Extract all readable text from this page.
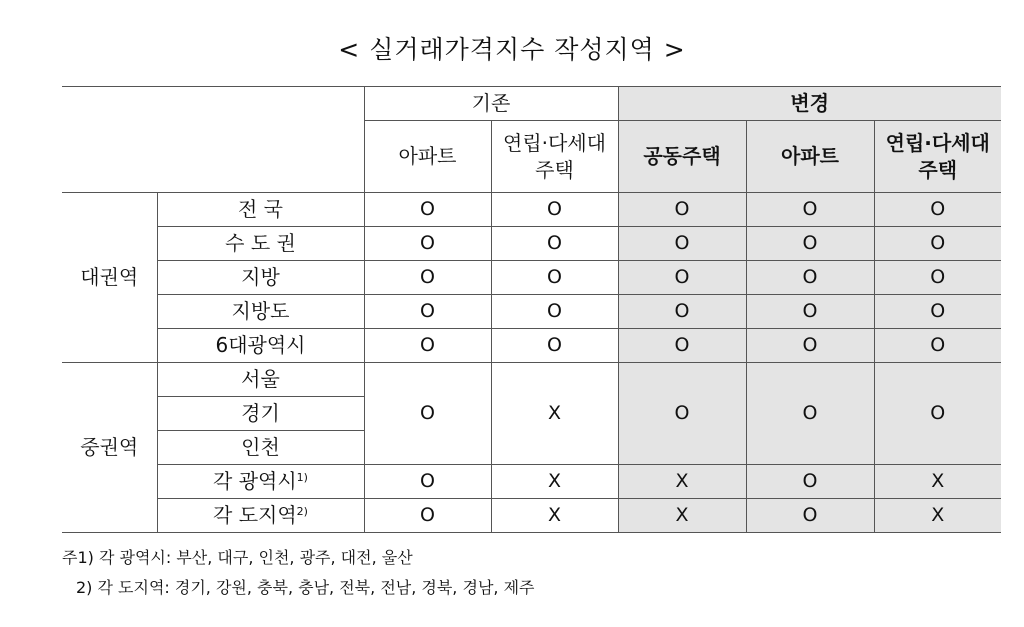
< 실거래가격지수 작성지역 >
		기존		변경		
		아파트	연립·다세대 주택	공동주택	아파트	연립·다세대 주택
대권역	전 국	O	O	O	O	O
	수 도 권	O	O	O	O	O
	지방	O	O	O	O	O
	지방도	O	O	O	O	O
	6대광역시	O	O	O	O	O
중권역	서울	O	X	O	O	O
	경기					
	인천					
	각 광역시$^{1)}$	O	X	X	O	X
	각 도지역$^{2)}$	O	X	X	O	X
주1) 각 광역시: 부산, 대구, 인천, 광주, 대전, 울산
2) 각 도지역: 경기, 강원, 충북, 충남, 전북, 전남, 경북, 경남, 제주
